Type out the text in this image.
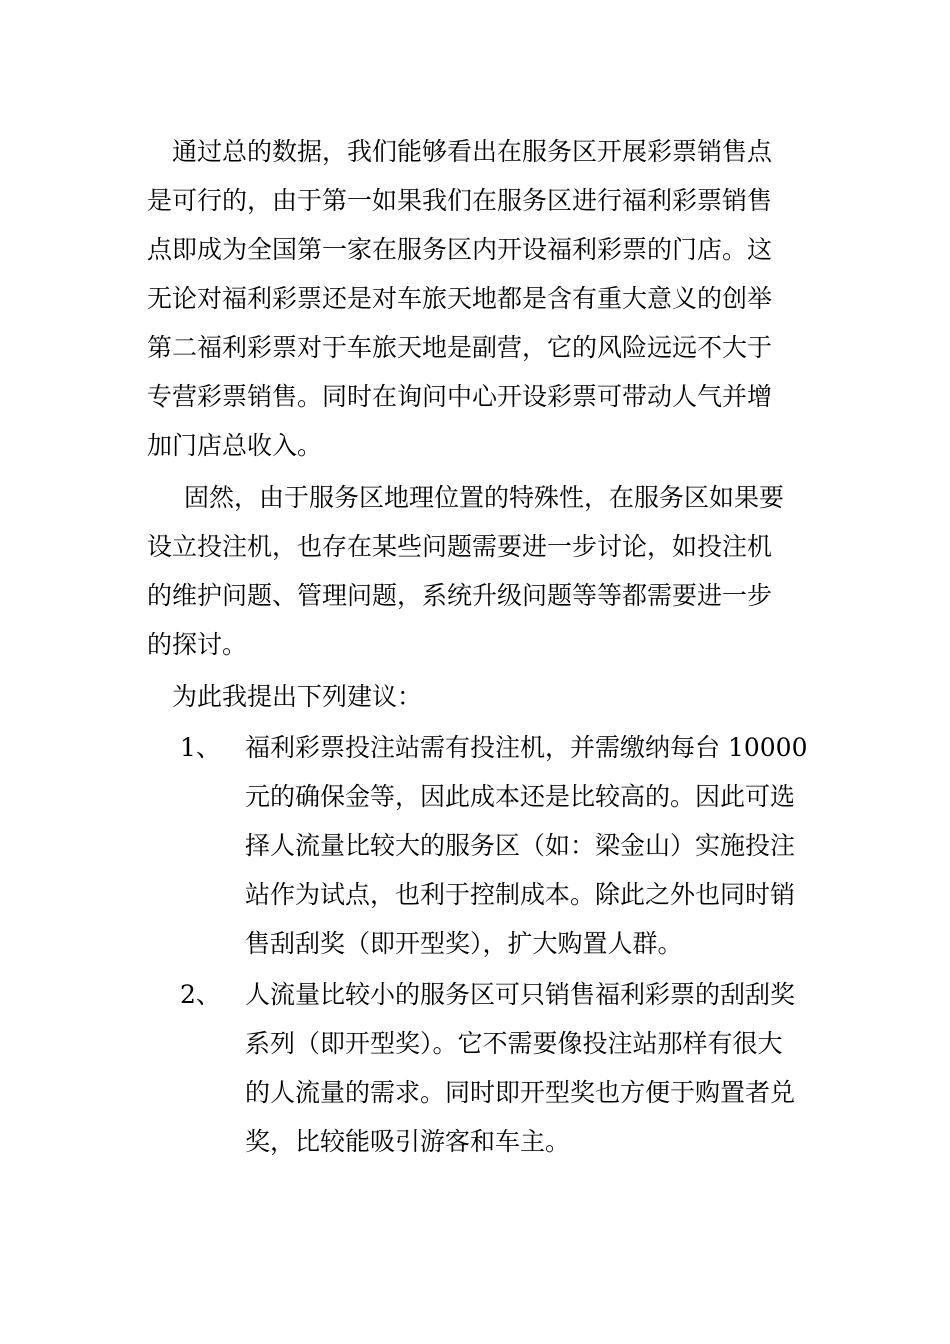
通过总的数据，我们能够看出在服务区开展彩票销售点
是可行的，由于第一如果我们在服务区进行福利彩票销售
点即成为全国第一家在服务区内开设福利彩票的门店。这
无论对福利彩票还是对车旅天地都是含有重大意义的创举
第二福利彩票对于车旅天地是副营，它的风险远远不大于
专营彩票销售。同时在询问中心开设彩票可带动人气并增
加门店总收入。
固然，由于服务区地理位置的特殊性，在服务区如果要
设立投注机，也存在某些问题需要进一步讨论，如投注机
的维护问题、管理问题，系统升级问题等等都需要进一步
的探讨。
为此我提出下列建议：
1、 福利彩票投注站需有投注机，并需缴纳每台 10000
元的确保金等，因此成本还是比较高的。因此可选
择人流量比较大的服务区（如：梁金山）实施投注
站作为试点，也利于控制成本。除此之外也同时销
售刮刮奖（即开型奖），扩大购置人群。
2、 人流量比较小的服务区可只销售福利彩票的刮刮奖
系列（即开型奖）。它不需要像投注站那样有很大
的人流量的需求。同时即开型奖也方便于购置者兑
奖，比较能吸引游客和车主。
